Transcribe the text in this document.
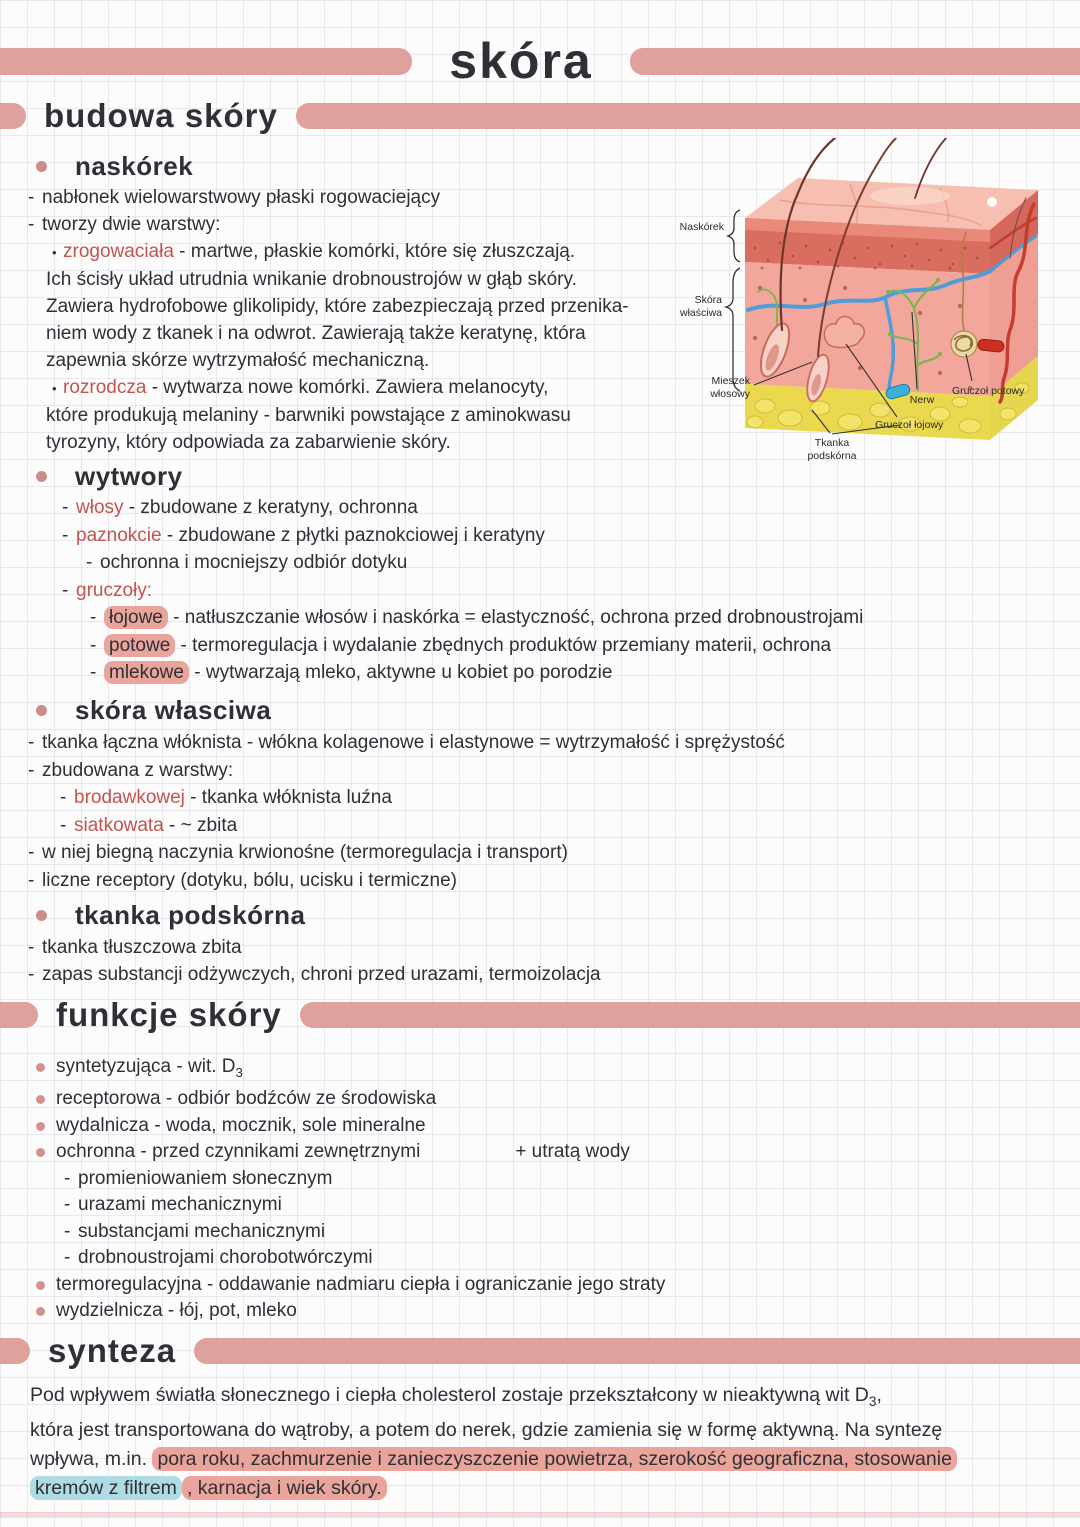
skóra
budowa skóry
naskórek
- nabłonek wielowarstwowy płaski rogowaciejący
- tworzy dwie warstwy:
• zrogowaciała - martwe, płaskie komórki, które się złuszczają.
Ich ścisły układ utrudnia wnikanie drobnoustrojów w głąb skóry.
Zawiera hydrofobowe glikolipidy, które zabezpieczają przed przenika-
niem wody z tkanek i na odwrot. Zawierają także keratynę, która
zapewnia skórze wytrzymałość mechaniczną.
• rozrodcza - wytwarza nowe komórki. Zawiera melanocyty,
które produkują melaniny - barwniki powstające z aminokwasu
tyrozyny, który odpowiada za zabarwienie skóry.
wytwory
- włosy - zbudowane z keratyny, ochronna
- paznokcie - zbudowane z płytki paznokciowej i keratyny
- ochronna i mocniejszy odbiór dotyku
- gruczoły:
- łojowe - natłuszczanie włosów i naskórka = elastyczność, ochrona przed drobnoustrojami
- potowe - termoregulacja i wydalanie zbędnych produktów przemiany materii, ochrona
- mlekowe - wytwarzają mleko, aktywne u kobiet po porodzie
skóra własciwa
- tkanka łączna włóknista - włókna kolagenowe i elastynowe = wytrzymałość i sprężystość
- zbudowana z warstwy:
- brodawkowej - tkanka włóknista luźna
- siatkowata - ~ zbita
- w niej biegną naczynia krwionośne (termoregulacja i transport)
- liczne receptory (dotyku, bólu, ucisku i termiczne)
tkanka podskórna
- tkanka tłuszczowa zbita
- zapas substancji odżywczych, chroni przed urazami, termoizolacja
funkcje skóry
syntetyzująca - wit. $D_3$
receptorowa - odbiór bodźców ze środowiska
wydalnicza - woda, mocznik, sole mineralne
ochronna - przed czynnikami zewnętrznymi	+ utratą wody
- promieniowaniem słonecznym
- urazami mechanicznymi
- substancjami mechanicznymi
- drobnoustrojami chorobotwórczymi
termoregulacyjna - oddawanie nadmiaru ciepła i ograniczanie jego straty
wydzielnicza - łój, pot, mleko
synteza
Pod wpływem światła słonecznego i ciepła cholesterol zostaje przekształcony w nieaktywną wit $D_3$,
która jest transportowana do wątroby, a potem do nerek, gdzie zamienia się w formę aktywną. Na syntezę
wpływa, m.in. pora roku, zachmurzenie i zanieczyszczenie powietrza, szerokość geograficzna, stosowanie
kremów z filtrem , karnacja i wiek skóry.
Naskórek
Skóra
właściwa
Mieszek
włosowy
Tkanka
podskórna
Gruczoł łojowy
Nerw
Gruczoł potowy
